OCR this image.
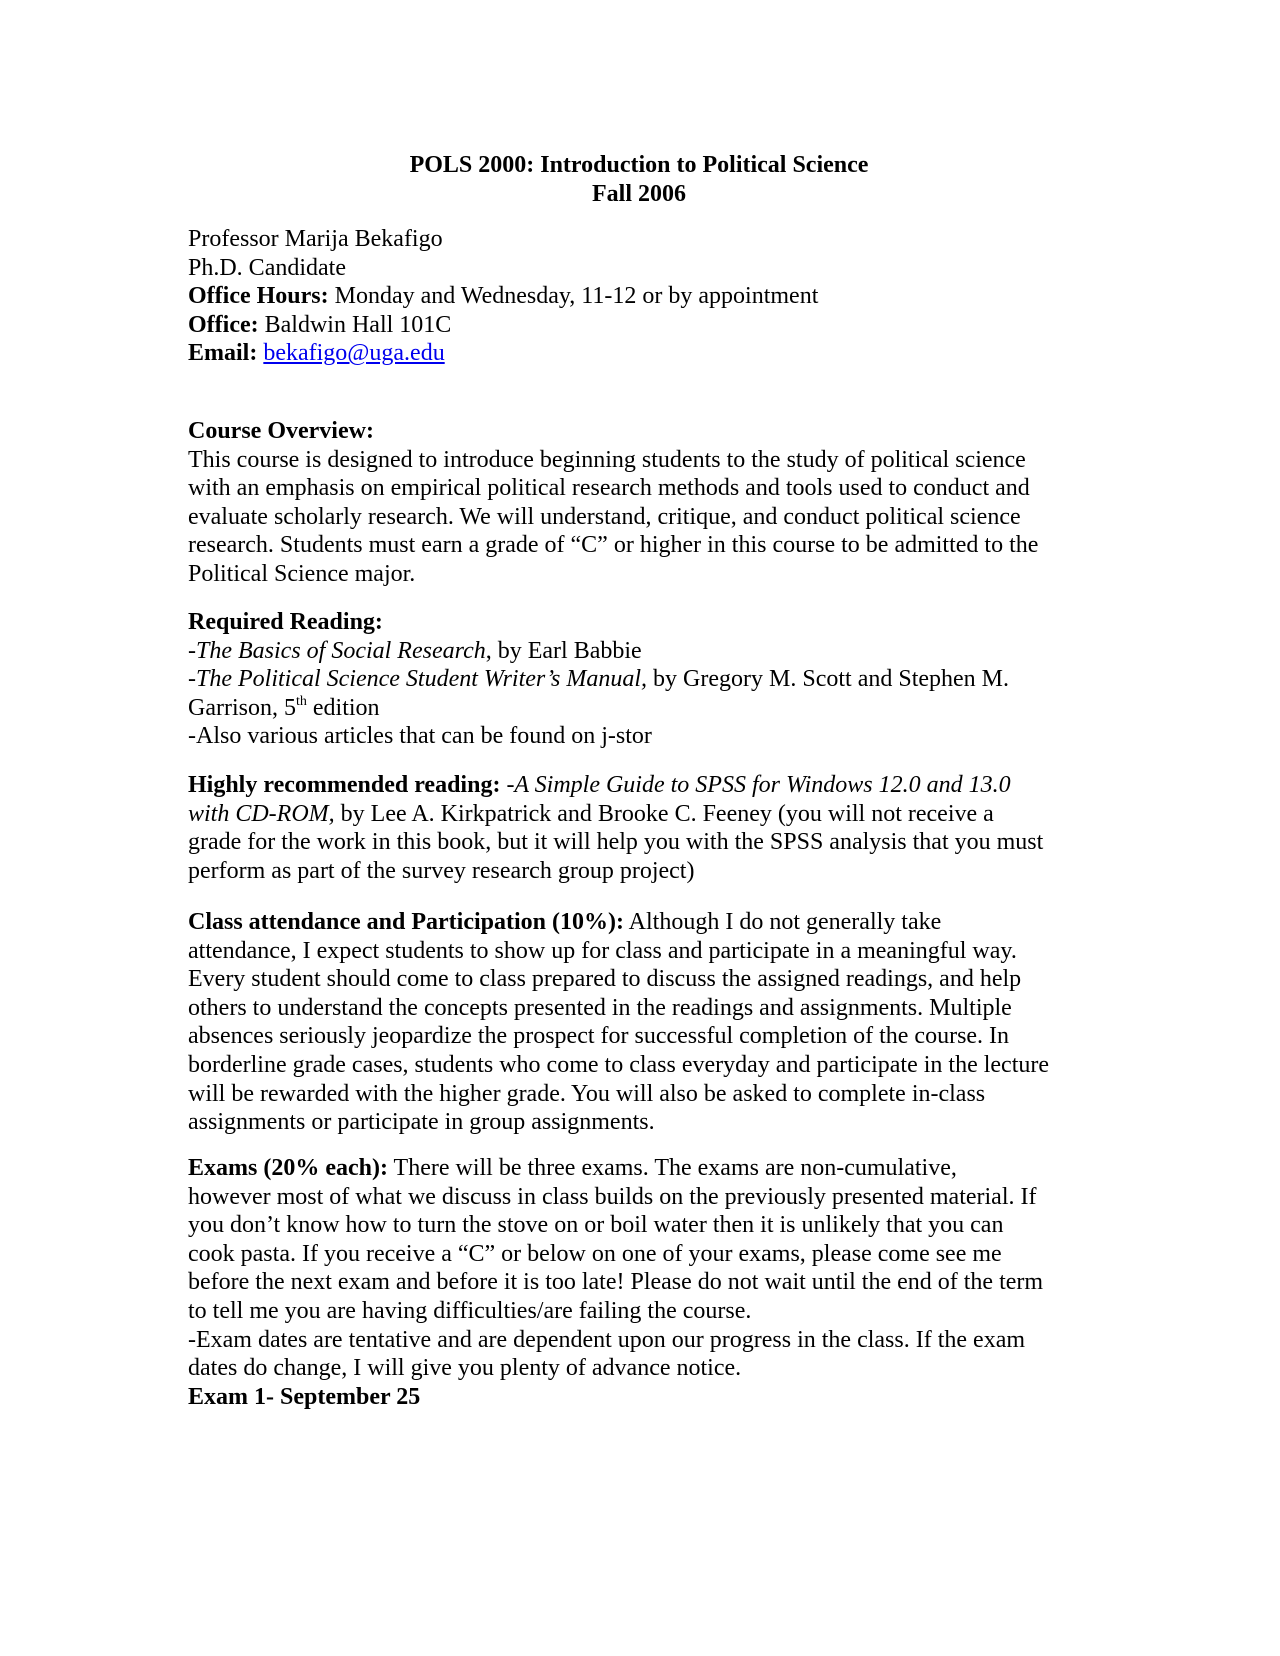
POLS 2000: Introduction to Political Science
Fall 2006
Professor Marija Bekafigo
Ph.D. Candidate
Office Hours: Monday and Wednesday, 11-12 or by appointment
Office: Baldwin Hall 101C
Email: bekafigo@uga.edu
Course Overview:
This course is designed to introduce beginning students to the study of political science
with an emphasis on empirical political research methods and tools used to conduct and
evaluate scholarly research. We will understand, critique, and conduct political science
research. Students must earn a grade of “C” or higher in this course to be admitted to the
Political Science major.
Required Reading:
-The Basics of Social Research, by Earl Babbie
-The Political Science Student Writer’s Manual, by Gregory M. Scott and Stephen M.
Garrison, 5th edition
-Also various articles that can be found on j-stor
Highly recommended reading: -A Simple Guide to SPSS for Windows 12.0 and 13.0
with CD-ROM, by Lee A. Kirkpatrick and Brooke C. Feeney (you will not receive a
grade for the work in this book, but it will help you with the SPSS analysis that you must
perform as part of the survey research group project)
Class attendance and Participation (10%): Although I do not generally take
attendance, I expect students to show up for class and participate in a meaningful way.
Every student should come to class prepared to discuss the assigned readings, and help
others to understand the concepts presented in the readings and assignments. Multiple
absences seriously jeopardize the prospect for successful completion of the course. In
borderline grade cases, students who come to class everyday and participate in the lecture
will be rewarded with the higher grade. You will also be asked to complete in-class
assignments or participate in group assignments.
Exams (20% each): There will be three exams. The exams are non-cumulative,
however most of what we discuss in class builds on the previously presented material. If
you don’t know how to turn the stove on or boil water then it is unlikely that you can
cook pasta. If you receive a “C” or below on one of your exams, please come see me
before the next exam and before it is too late! Please do not wait until the end of the term
to tell me you are having difficulties/are failing the course.
-Exam dates are tentative and are dependent upon our progress in the class. If the exam
dates do change, I will give you plenty of advance notice.
Exam 1- September 25
